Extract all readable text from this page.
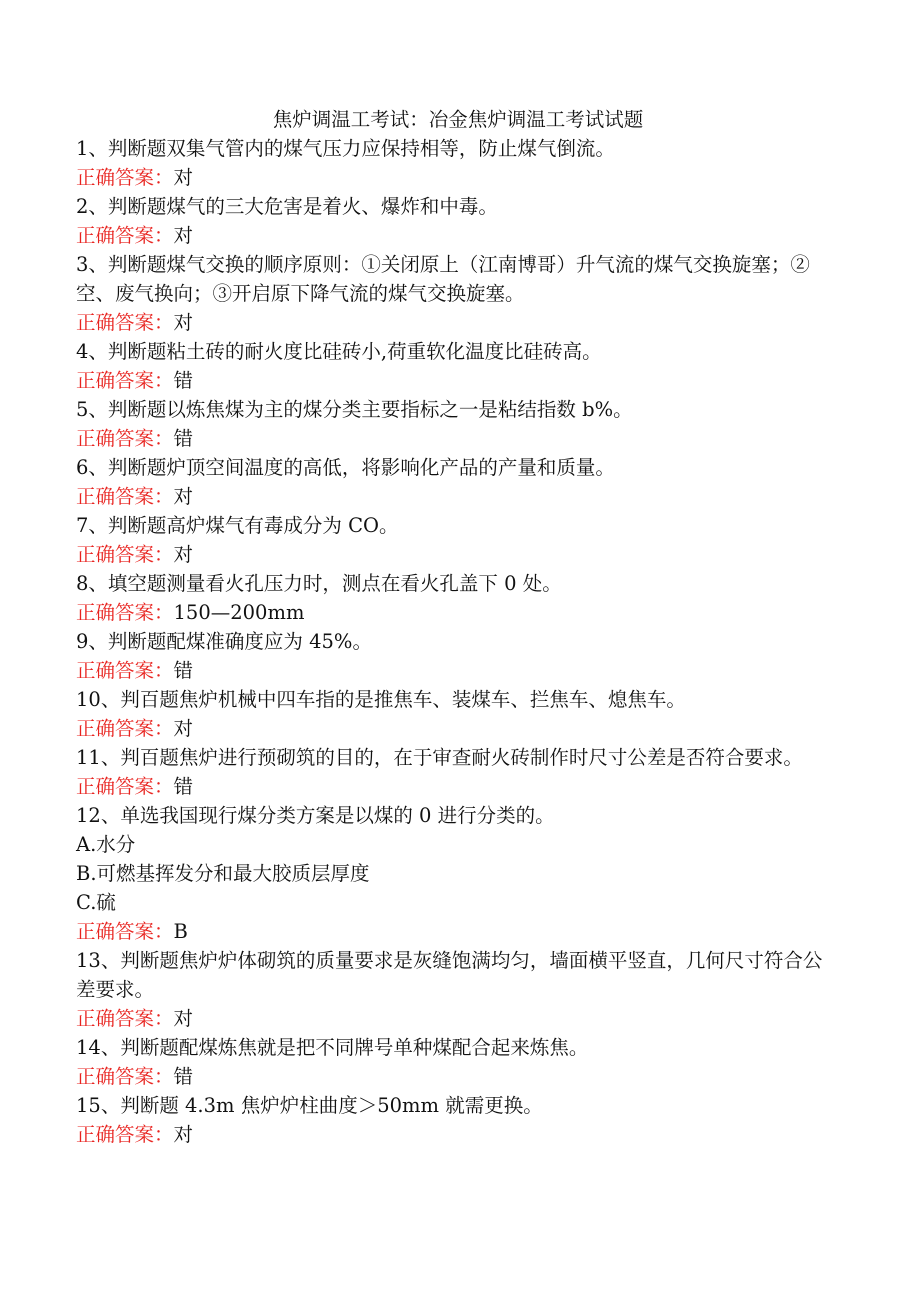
焦炉调温工考试：冶金焦炉调温工考试试题
1、判断题双集气管内的煤气压力应保持相等，防止煤气倒流。
正确答案：对
2、判断题煤气的三大危害是着火、爆炸和中毒。
正确答案：对
3、判断题煤气交换的顺序原则：①关闭原上（江南博哥）升气流的煤气交换旋塞；②空、废气换向；③开启原下降气流的煤气交换旋塞。
正确答案：对
4、判断题粘土砖的耐火度比硅砖小,荷重软化温度比硅砖高。
正确答案：错
5、判断题以炼焦煤为主的煤分类主要指标之一是粘结指数 b%。
正确答案：错
6、判断题炉顶空间温度的高低，将影响化产品的产量和质量。
正确答案：对
7、判断题高炉煤气有毒成分为 CO。
正确答案：对
8、填空题测量看火孔压力时，测点在看火孔盖下 0 处。
正确答案：150—200mm
9、判断题配煤准确度应为 45%。
正确答案：错
10、判百题焦炉机械中四车指的是推焦车、装煤车、拦焦车、熄焦车。
正确答案：对
11、判百题焦炉进行预砌筑的目的，在于审查耐火砖制作时尺寸公差是否符合要求。
正确答案：错
12、单选我国现行煤分类方案是以煤的 0 进行分类的。
A.水分
B.可燃基挥发分和最大胶质层厚度
C.硫
正确答案：B
13、判断题焦炉炉体砌筑的质量要求是灰缝饱满均匀，墙面横平竖直，几何尺寸符合公差要求。
正确答案：对
14、判断题配煤炼焦就是把不同牌号单种煤配合起来炼焦。
正确答案：错
15、判断题 4.3m 焦炉炉柱曲度＞50mm 就需更换。
正确答案：对
